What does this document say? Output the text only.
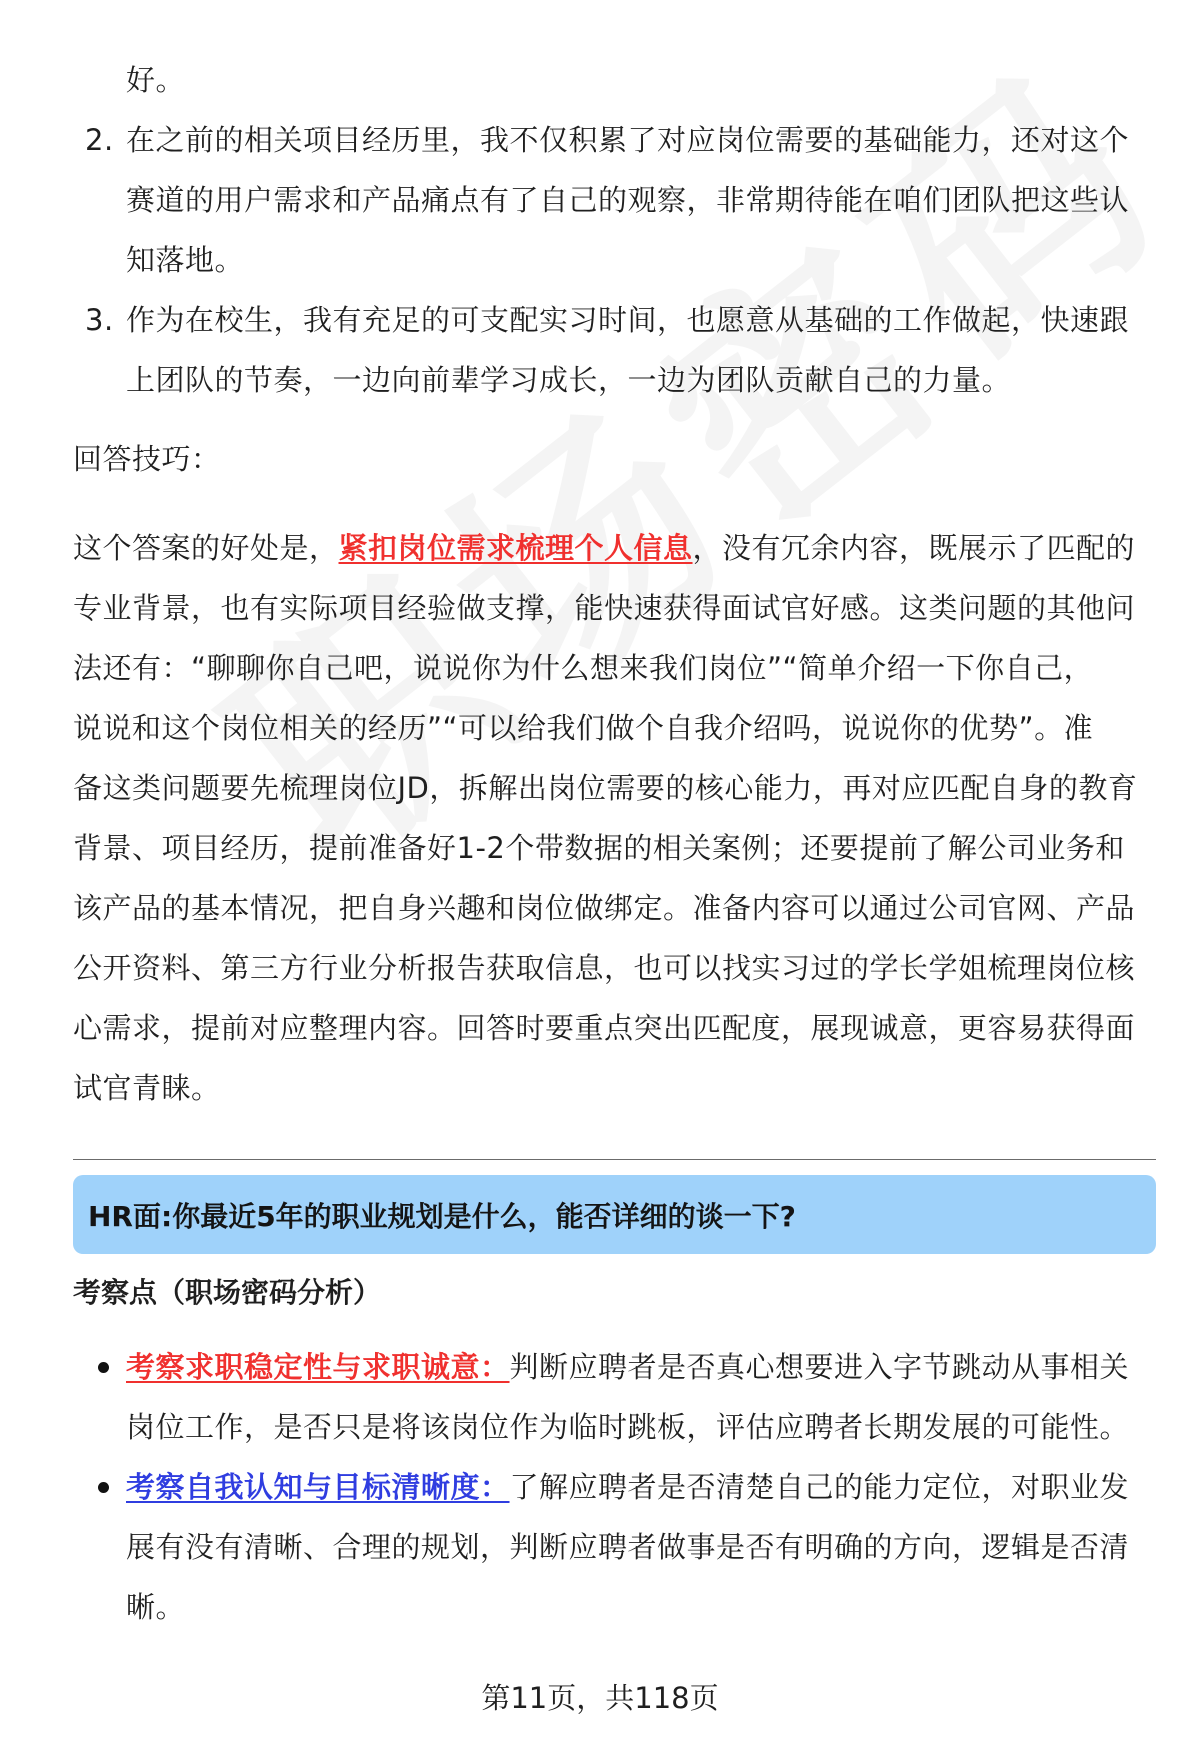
好。

2. 在之前的相关项目经历里，我不仅积累了对应岗位需要的基础能力，还对这个
赛道的用户需求和产品痛点有了自己的观察，非常期待能在咱们团队把这些认
知落地。
3. 作为在校生，我有充足的可支配实习时间，也愿意从基础的工作做起，快速跟
上团队的节奏，一边向前辈学习成长，一边为团队贡献自己的力量。
回答技巧：
这个答案的好处是，紧扣岗位需求梳理个人信息，没有冗余内容，既展示了匹配的
专业背景，也有实际项目经验做支撑，能快速获得面试官好感。这类问题的其他问
法还有：“聊聊你自己吧，说说你为什么想来我们岗位”“简单介绍一下你自己，
说说和这个岗位相关的经历”“可以给我们做个自我介绍吗，说说你的优势”。准
备这类问题要先梳理岗位JD，拆解出岗位需要的核心能力，再对应匹配自身的教育
背景、项目经历，提前准备好1-2个带数据的相关案例；还要提前了解公司业务和
该产品的基本情况，把自身兴趣和岗位做绑定。准备内容可以通过公司官网、产品
公开资料、第三方行业分析报告获取信息，也可以找实习过的学长学姐梳理岗位核
心需求，提前对应整理内容。回答时要重点突出匹配度，展现诚意，更容易获得面
试官青睐。
HR面:你最近5年的职业规划是什么，能否详细的谈一下?
考察点（职场密码分析）
考察求职稳定性与求职诚意：判断应聘者是否真心想要进入字节跳动从事相关
岗位工作，是否只是将该岗位作为临时跳板，评估应聘者长期发展的可能性。
考察自我认知与目标清晰度：了解应聘者是否清楚自己的能力定位，对职业发
展有没有清晰、合理的规划，判断应聘者做事是否有明确的方向，逻辑是否清
晰。
第11页，共118页
